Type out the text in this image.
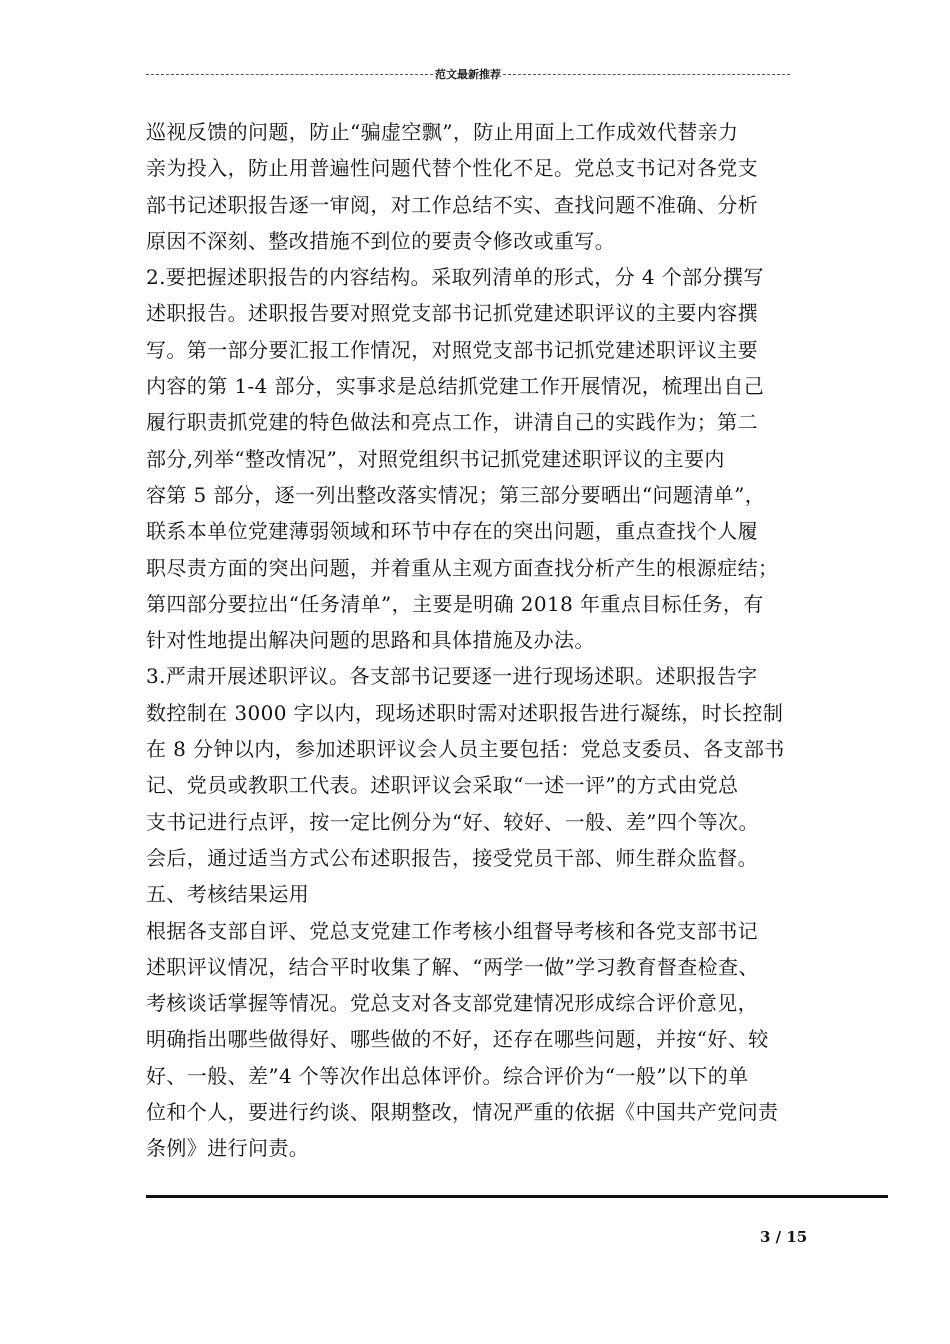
范文最新推荐
巡视反馈的问题，防止“骗虚空飘”，防止用面上工作成效代替亲力
亲为投入，防止用普遍性问题代替个性化不足。党总支书记对各党支
部书记述职报告逐一审阅，对工作总结不实、查找问题不准确、分析
原因不深刻、整改措施不到位的要责令修改或重写。
2.要把握述职报告的内容结构。采取列清单的形式，分 4 个部分撰写
述职报告。述职报告要对照党支部书记抓党建述职评议的主要内容撰
写。第一部分要汇报工作情况，对照党支部书记抓党建述职评议主要
内容的第 1-4 部分，实事求是总结抓党建工作开展情况，梳理出自己
履行职责抓党建的特色做法和亮点工作，讲清自己的实践作为；第二
部分,列举“整改情况”，对照党组织书记抓党建述职评议的主要内
容第 5 部分，逐一列出整改落实情况；第三部分要晒出“问题清单”，
联系本单位党建薄弱领域和环节中存在的突出问题，重点查找个人履
职尽责方面的突出问题，并着重从主观方面查找分析产生的根源症结；
第四部分要拉出“任务清单”，主要是明确 2018 年重点目标任务，有
针对性地提出解决问题的思路和具体措施及办法。
3.严肃开展述职评议。各支部书记要逐一进行现场述职。述职报告字
数控制在 3000 字以内，现场述职时需对述职报告进行凝练，时长控制
在 8 分钟以内，参加述职评议会人员主要包括：党总支委员、各支部书
记、党员或教职工代表。述职评议会采取“一述一评”的方式由党总
支书记进行点评，按一定比例分为“好、较好、一般、差”四个等次。
会后，通过适当方式公布述职报告，接受党员干部、师生群众监督。
五、考核结果运用
根据各支部自评、党总支党建工作考核小组督导考核和各党支部书记
述职评议情况，结合平时收集了解、“两学一做”学习教育督查检查、
考核谈话掌握等情况。党总支对各支部党建情况形成综合评价意见，
明确指出哪些做得好、哪些做的不好，还存在哪些问题，并按“好、较
好、一般、差”4 个等次作出总体评价。综合评价为“一般”以下的单
位和个人，要进行约谈、限期整改，情况严重的依据《中国共产党问责
条例》进行问责。
3 / 15
